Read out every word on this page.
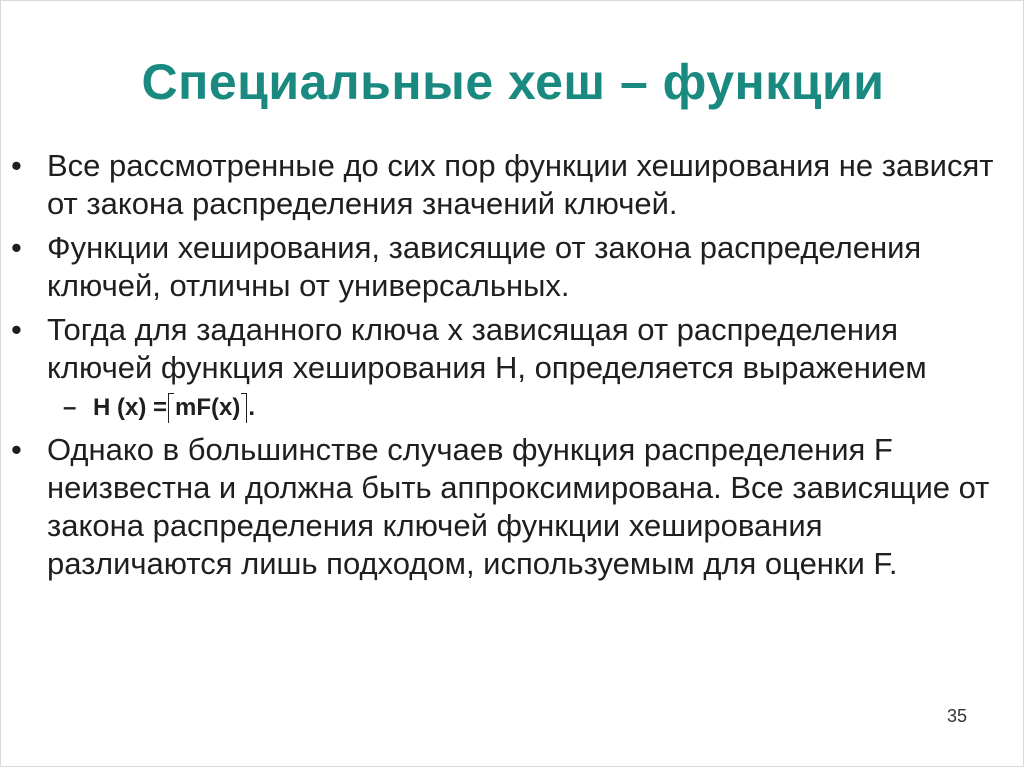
Специальные хеш – функции
• Все рассмотренные до сих пор функции хеширования не зависят от закона распределения значений ключей.
• Функции хеширования, зависящие от закона распределения ключей, отличны от универсальных.
• Тогда для заданного ключа x зависящая от распределения ключей функция хеширования H, определяется выражением
– H (x) = mF(x) .
• Однако в большинстве случаев функция распределения F неизвестна и должна быть аппроксимирована. Все зависящие от закона распределения ключей функции хеширования различаются лишь подходом, используемым для оценки F.
35
